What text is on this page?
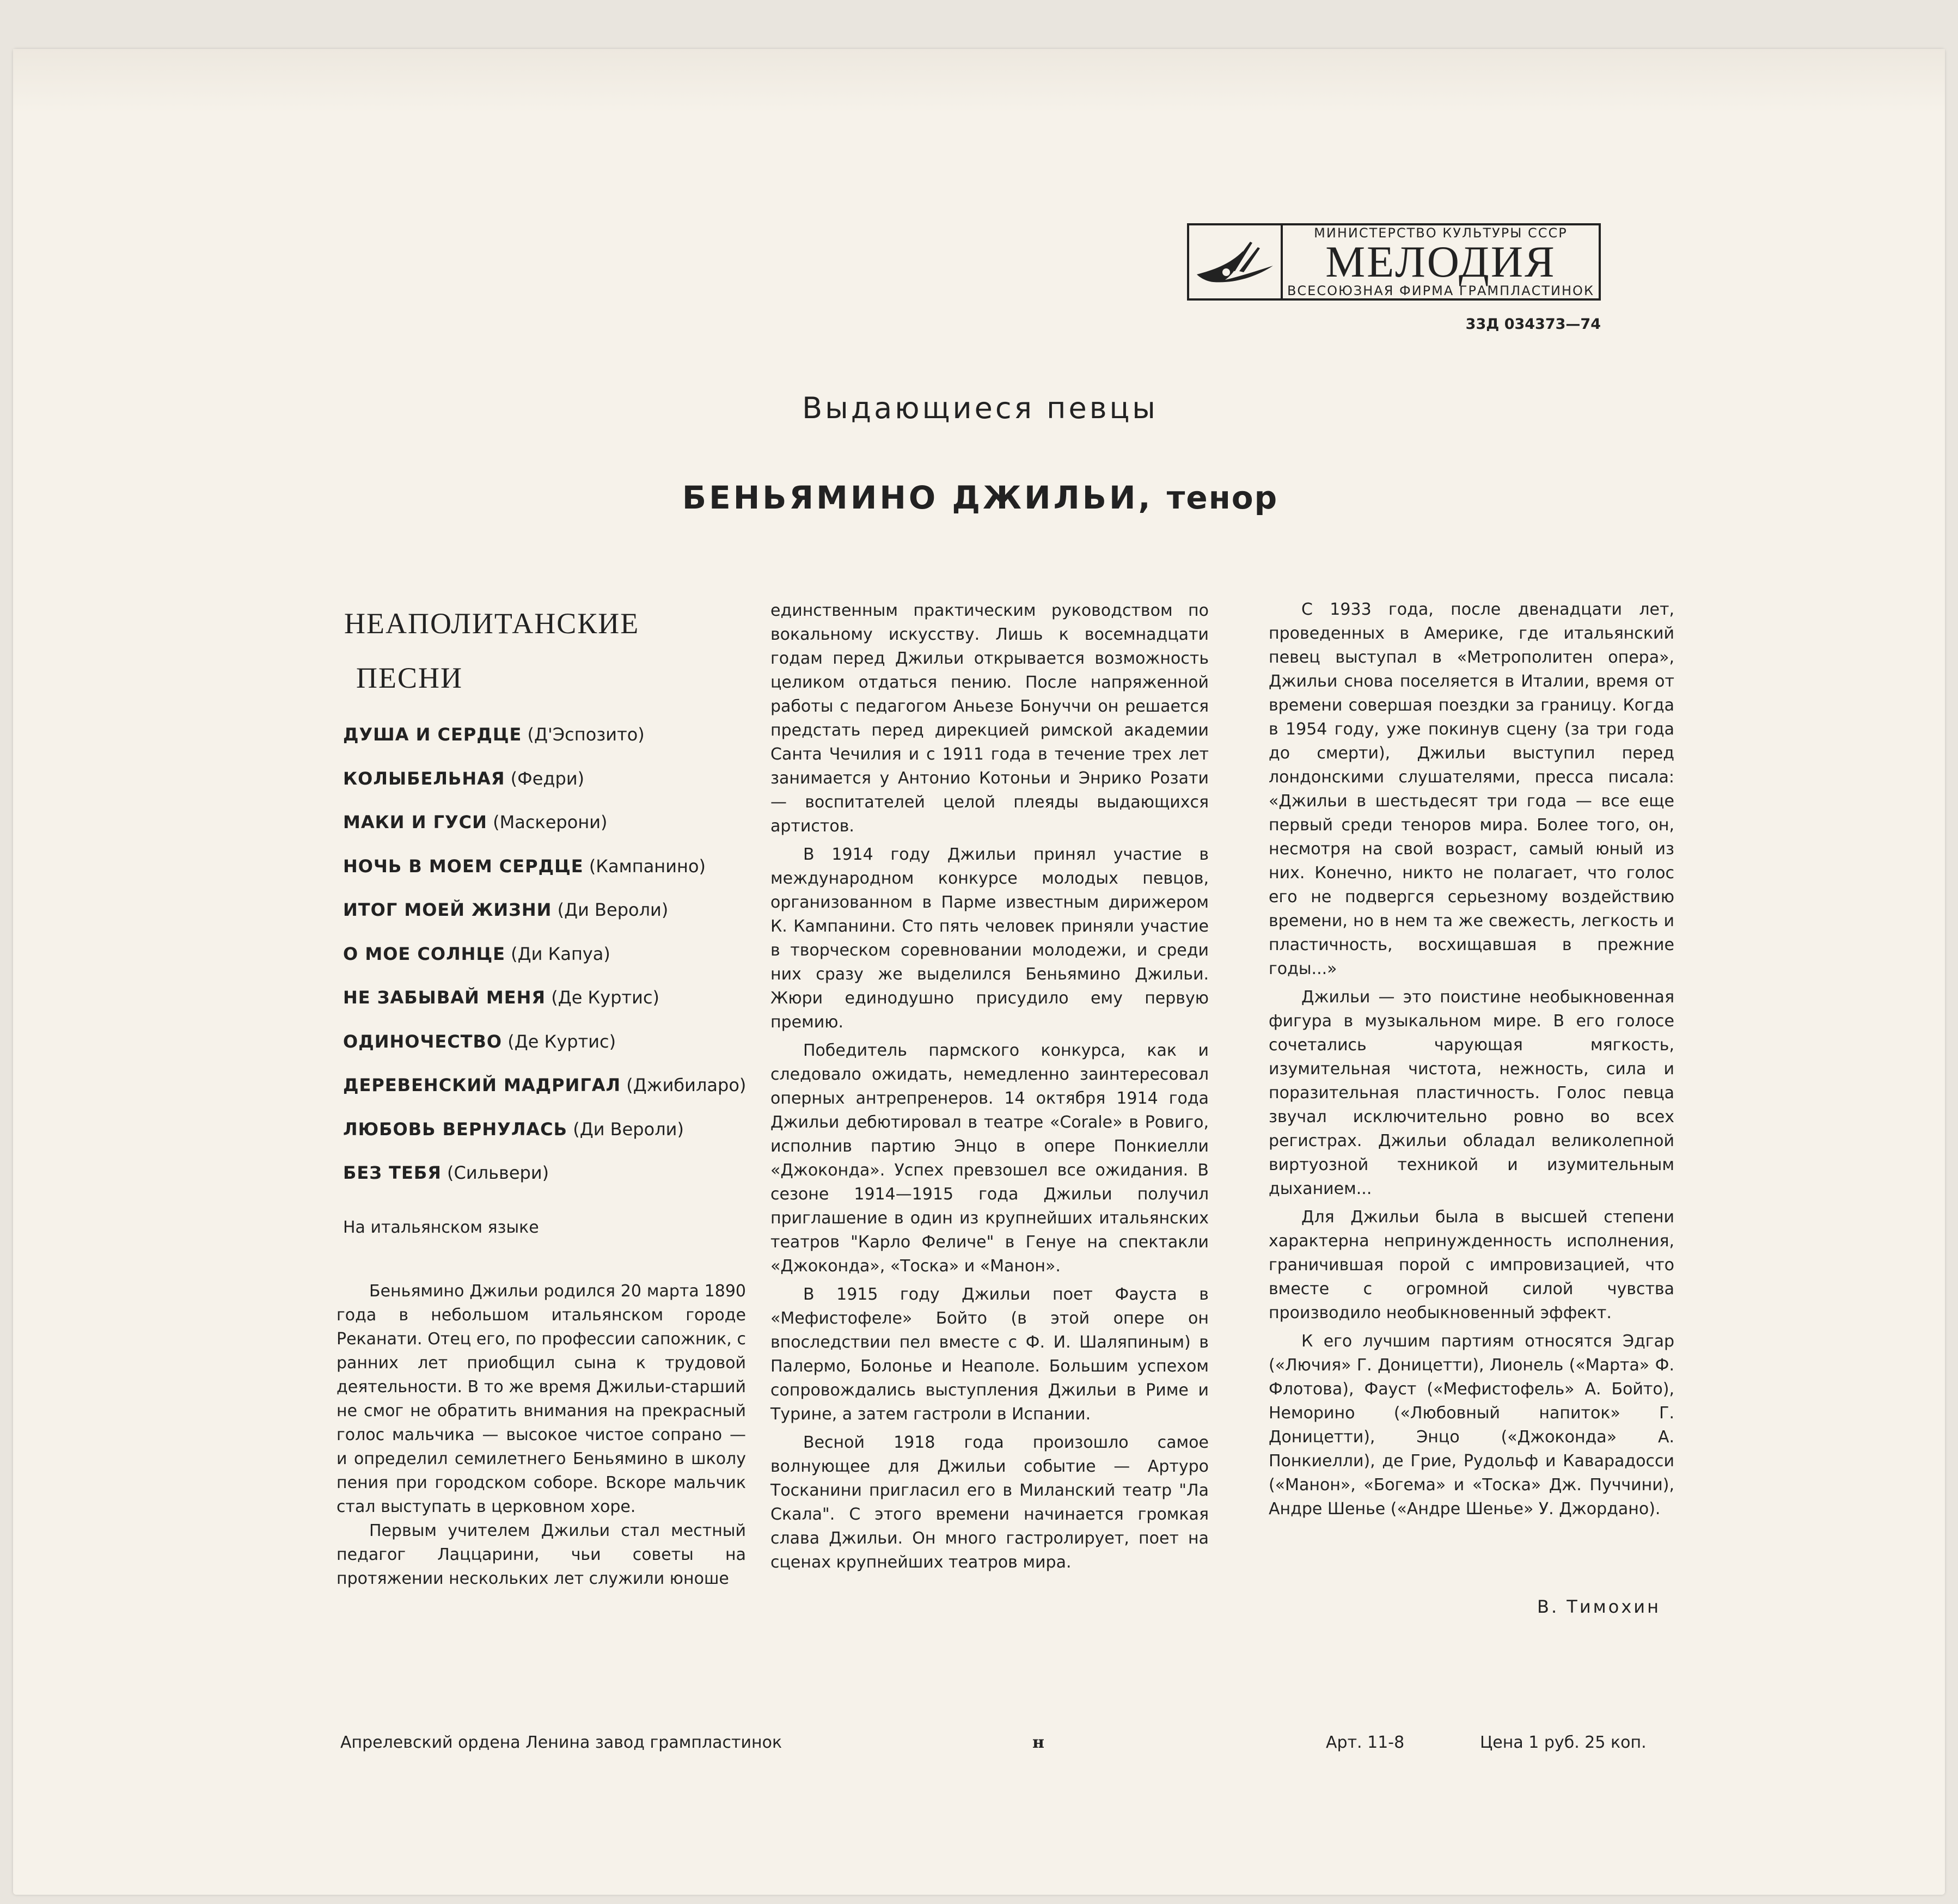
МИНИСТЕРСТВО КУЛЬТУРЫ СССР
МЕЛОДИЯ
ВСЕСОЮЗНАЯ ФИРМА ГРАМПЛАСТИНОК
33Д 034373—74
Выдающиеся певцы
БЕНЬЯМИНО ДЖИЛЬИ, тенор
НЕАПОЛИТАНСКИЕ
ПЕСНИ
ДУША И СЕРДЦЕ (Д'Эспозито)
КОЛЫБЕЛЬНАЯ (Федри)
МАКИ И ГУСИ (Маскерони)
НОЧЬ В МОЕМ СЕРДЦЕ (Кампанино)
ИТОГ МОЕЙ ЖИЗНИ (Ди Вероли)
О МОЕ СОЛНЦЕ (Ди Капуа)
НЕ ЗАБЫВАЙ МЕНЯ (Де Куртис)
ОДИНОЧЕСТВО (Де Куртис)
ДЕРЕВЕНСКИЙ МАДРИГАЛ (Джибиларо)
ЛЮБОВЬ ВЕРНУЛАСЬ (Ди Вероли)
БЕЗ ТЕБЯ (Сильвери)
На итальянском языке

Беньямино Джильи родился 20 марта 1890 года в небольшом итальянском городе Реканати. Отец его, по профессии сапожник, с ранних лет приобщил сына к трудовой деятельности. В то же время Джильи-старший не смог не обратить внимания на прекрасный голос мальчика — высокое чистое сопрано — и определил семилетнего Беньямино в школу пения при городском соборе. Вскоре мальчик стал выступать в церковном хоре.

Первым учителем Джильи стал местный педагог Лаццарини, чьи советы на протяжении нескольких лет служили юноше

единственным практическим руководством по вокальному искусству. Лишь к восемнадцати годам перед Джильи открывается возможность целиком отдаться пению. После напряженной работы с педагогом Аньезе Бонуччи он решается предстать перед дирекцией римской академии Санта Чечилия и с 1911 года в течение трех лет занимается у Антонио Котоньи и Энрико Розати — воспитателей целой плеяды выдающихся артистов.

В 1914 году Джильи принял участие в международном конкурсе молодых певцов, организованном в Парме известным дирижером К. Кампанини. Сто пять человек приняли участие в творческом соревновании молодежи, и среди них сразу же выделился Беньямино Джильи. Жюри единодушно присудило ему первую премию.

Победитель пармского конкурса, как и следовало ожидать, немедленно заинтересовал оперных антрепренеров. 14 октября 1914 года Джильи дебютировал в театре «Corale» в Ровиго, исполнив партию Энцо в опере Понкиелли «Джоконда». Успех превзошел все ожидания. В сезоне 1914—1915 года Джильи получил приглашение в один из крупнейших итальянских театров "Карло Феличе" в Генуе на спектакли «Джоконда», «Тоска» и «Манон».

В 1915 году Джильи поет Фауста в «Мефистофеле» Бойто (в этой опере он впоследствии пел вместе с Ф. И. Шаляпиным) в Палермо, Болонье и Неаполе. Большим успехом сопровождались выступления Джильи в Риме и Турине, а затем гастроли в Испании.

Весной 1918 года произошло самое волнующее для Джильи событие — Артуро Тосканини пригласил его в Миланский театр "Ла Скала". С этого времени начинается громкая слава Джильи. Он много гастролирует, поет на сценах крупнейших театров мира.

С 1933 года, после двенадцати лет, проведенных в Америке, где итальянский певец выступал в «Метрополитен опера», Джильи снова поселяется в Италии, время от времени совершая поездки за границу. Когда в 1954 году, уже покинув сцену (за три года до смерти), Джильи выступил перед лондонскими слушателями, пресса писала: «Джильи в шестьдесят три года — все еще первый среди теноров мира. Более того, он, несмотря на свой возраст, самый юный из них. Конечно, никто не полагает, что голос его не подвергся серьезному воздействию времени, но в нем та же свежесть, легкость и пластичность, восхищавшая в прежние годы...»

Джильи — это поистине необыкновенная фигура в музыкальном мире. В его голосе сочетались чарующая мягкость, изумительная чистота, нежность, сила и поразительная пластичность. Голос певца звучал исключительно ровно во всех регистрах. Джильи обладал великолепной виртуозной техникой и изумительным дыханием...

Для Джильи была в высшей степени характерна непринужденность исполнения, граничившая порой с импровизацией, что вместе с огромной силой чувства производило необыкновенный эффект.

К его лучшим партиям относятся Эдгар («Лючия» Г. Доницетти), Лионель («Марта» Ф. Флотова), Фауст («Мефистофель» А. Бойто), Неморино («Любовный напиток» Г. Доницетти), Энцо («Джоконда» А. Понкиелли), де Грие, Рудольф и Каварадосси («Манон», «Богема» и «Тоска» Дж. Пуччини), Андре Шенье («Андре Шенье» У. Джордано).

В. Тимохин
Апрелевский ордена Ленина завод грампластинок	н	Арт. 11-8	Цена 1 руб. 25 коп.
